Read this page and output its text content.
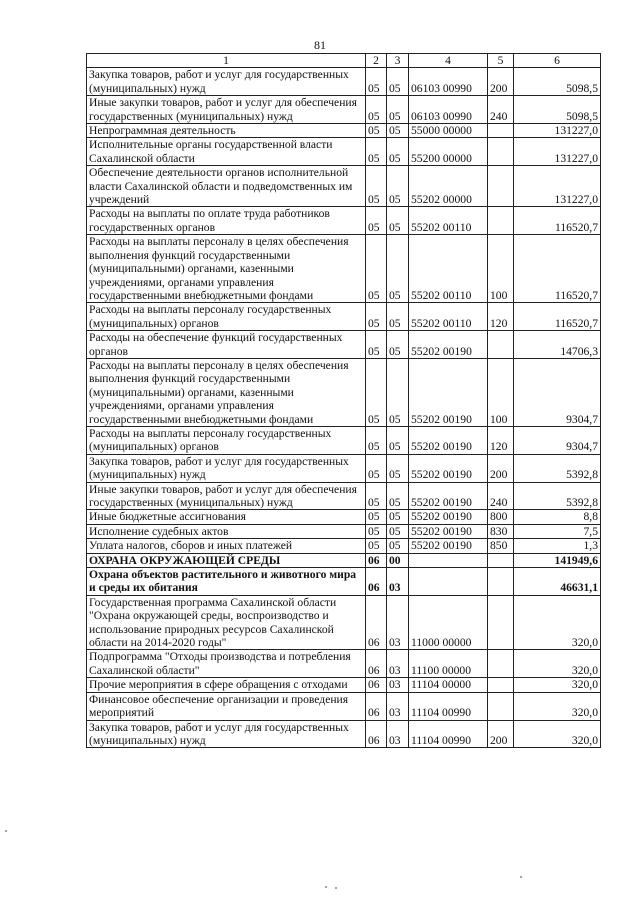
81
1	2	3	4	5	6
Закупка товаров, работ и услуг для государственных (муниципальных) нужд	05	05	06103 00990	200	5098,5
Иные закупки товаров, работ и услуг для обеспечения государственных (муниципальных) нужд	05	05	06103 00990	240	5098,5
Непрограммная деятельность	05	05	55000 00000		131227,0
Исполнительные органы государственной власти Сахалинской области	05	05	55200 00000		131227,0
Обеспечение деятельности органов исполнительной власти Сахалинской области и подведомственных им учреждений	05	05	55202 00000		131227,0
Расходы на выплаты по оплате труда работников государственных органов	05	05	55202 00110		116520,7
Расходы на выплаты персоналу в целях обеспечения выполнения функций государственными (муниципальными) органами, казенными учреждениями, органами управления государственными внебюджетными фондами	05	05	55202 00110	100	116520,7
Расходы на выплаты персоналу государственных (муниципальных) органов	05	05	55202 00110	120	116520,7
Расходы на обеспечение функций государственных органов	05	05	55202 00190		14706,3
Расходы на выплаты персоналу в целях обеспечения выполнения функций государственными (муниципальными) органами, казенными учреждениями, органами управления государственными внебюджетными фондами	05	05	55202 00190	100	9304,7
Расходы на выплаты персоналу государственных (муниципальных) органов	05	05	55202 00190	120	9304,7
Закупка товаров, работ и услуг для государственных (муниципальных) нужд	05	05	55202 00190	200	5392,8
Иные закупки товаров, работ и услуг для обеспечения государственных (муниципальных) нужд	05	05	55202 00190	240	5392,8
Иные бюджетные ассигнования	05	05	55202 00190	800	8,8
Исполнение судебных актов	05	05	55202 00190	830	7,5
Уплата налогов, сборов и иных платежей	05	05	55202 00190	850	1,3
ОХРАНА ОКРУЖАЮЩЕЙ СРЕДЫ	06	00			141949,6
Охрана объектов растительного и животного мира и среды их обитания	06	03			46631,1
Государственная программа Сахалинской области "Охрана окружающей среды, воспроизводство и использование природных ресурсов Сахалинской области на 2014-2020 годы"	06	03	11000 00000		320,0
Подпрограмма "Отходы производства и потребления Сахалинской области"	06	03	11100 00000		320,0
Прочие мероприятия в сфере обращения с отходами	06	03	11104 00000		320,0
Финансовое обеспечение организации и проведения мероприятий	06	03	11104 00990		320,0
Закупка товаров, работ и услуг для государственных (муниципальных) нужд	06	03	11104 00990	200	320,0
